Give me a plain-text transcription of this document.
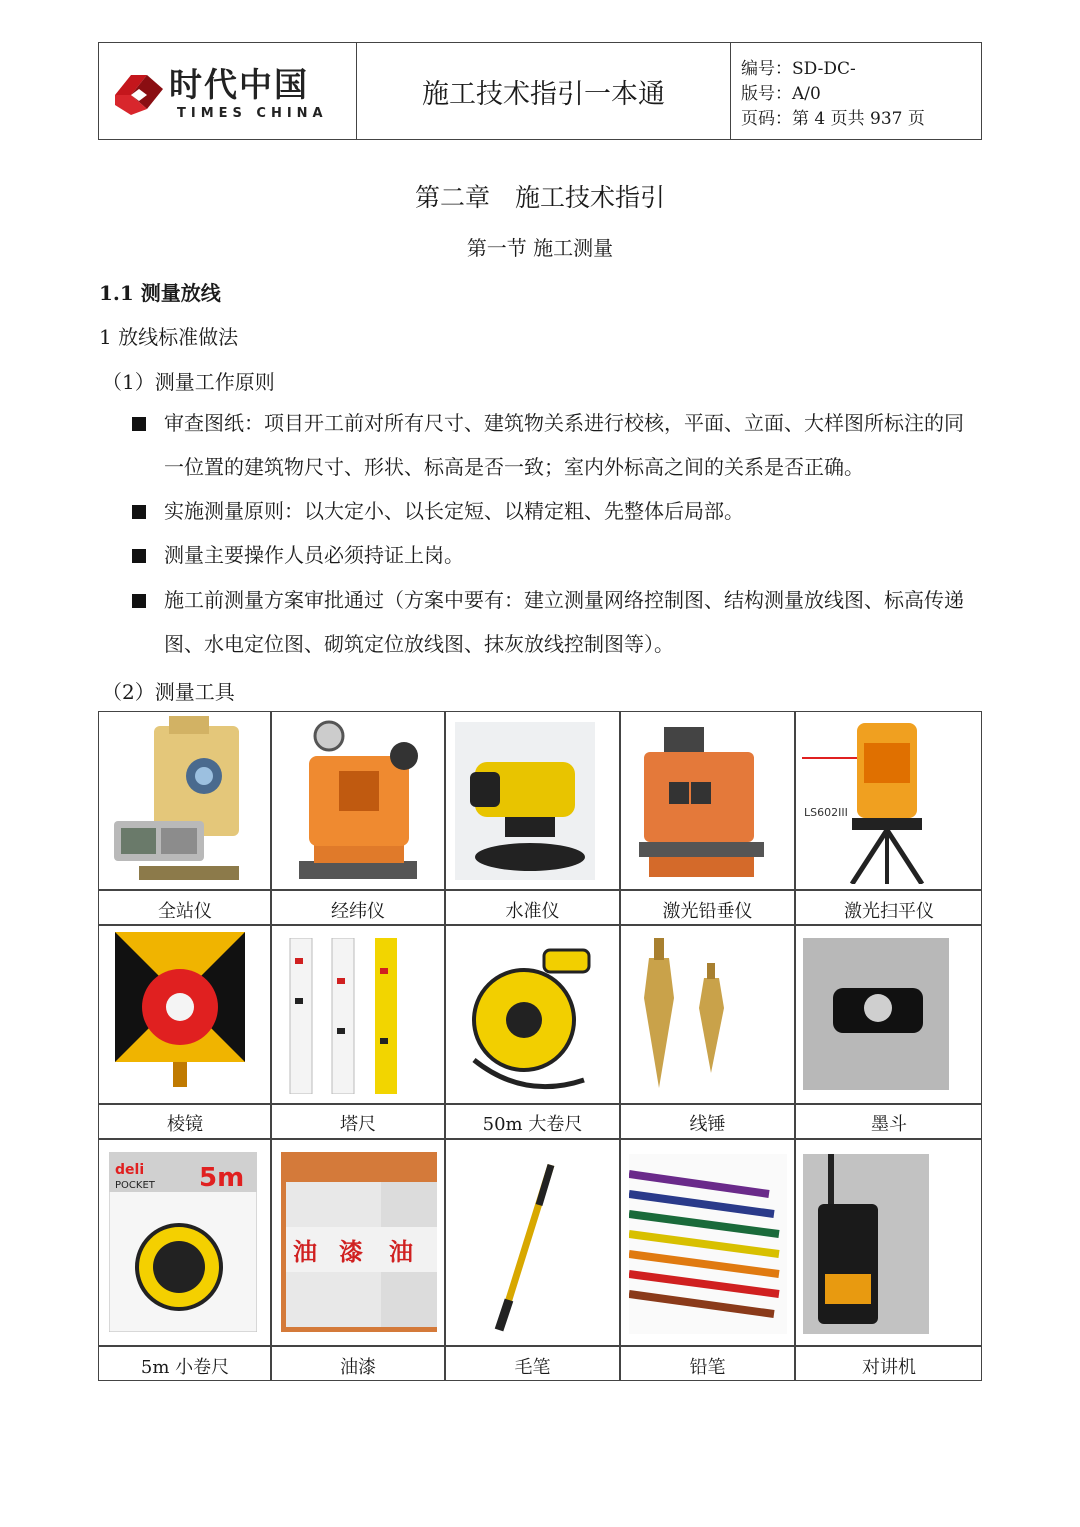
时代中国
TIMES CHINA
施工技术指引一本通
编号：SD-DC-
版号：A/0
页码：第 4 页共 937 页
第二章　施工技术指引
第一节 施工测量
1.1 测量放线
1 放线标准做法
（1）测量工作原则
审查图纸：项目开工前对所有尺寸、建筑物关系进行校核，平面、立面、大样图所标注的同一位置的建筑物尺寸、形状、标高是否一致；室内外标高之间的关系是否正确。
实施测量原则：以大定小、以长定短、以精定粗、先整体后局部。
测量主要操作人员必须持证上岗。
施工前测量方案审批通过（方案中要有：建立测量网络控制图、结构测量放线图、标高传递图、水电定位图、砌筑定位放线图、抹灰放线控制图等）。
（2）测量工具
LS602III
全站仪	经纬仪	水准仪	激光铅垂仪	激光扫平仪
棱镜	塔尺	50m 大卷尺	线锤	墨斗
deli
POCKET 5m
油 漆 油
5m 小卷尺	油漆	毛笔	铅笔	对讲机
